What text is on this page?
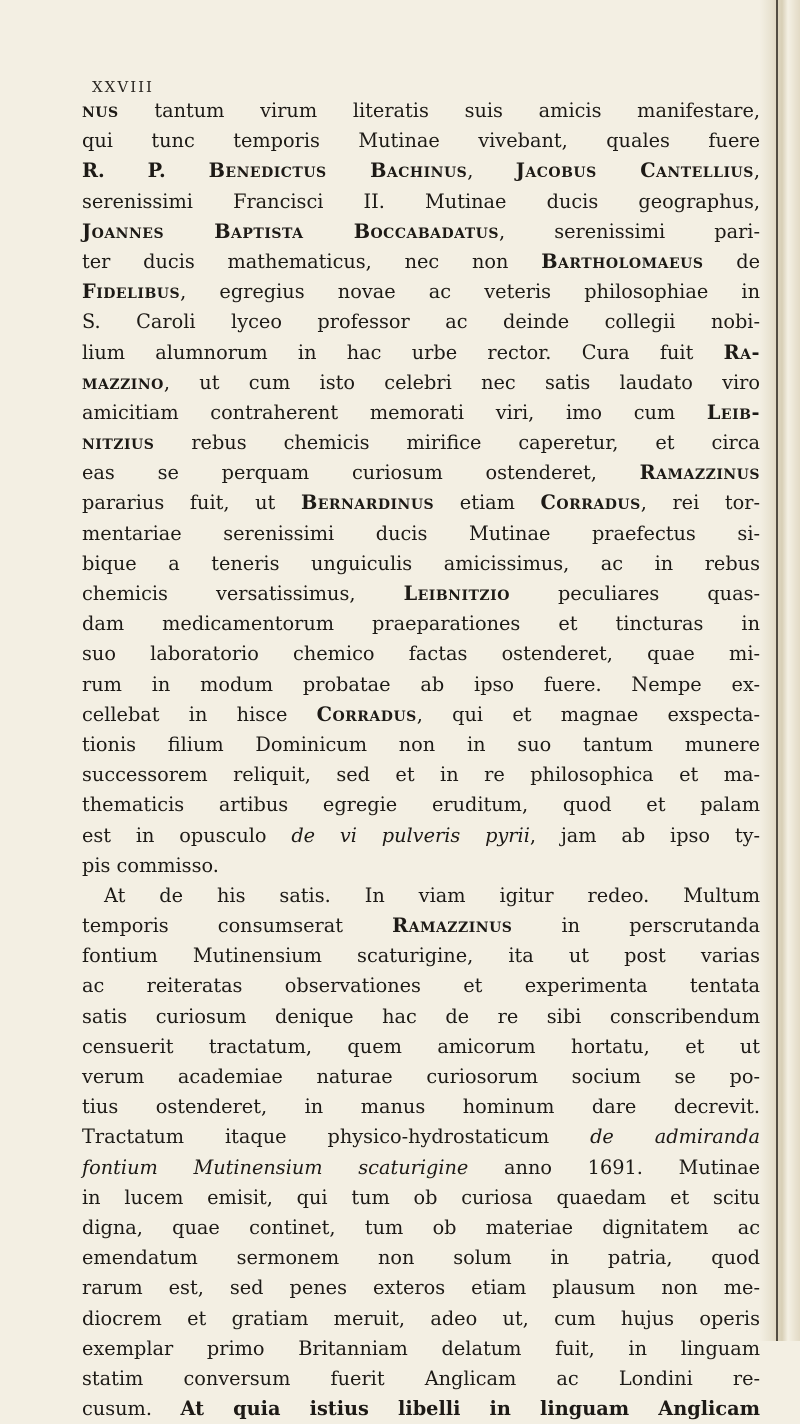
XXVIII
nus tantum virum literatis suis amicis manifestare,
qui tunc temporis Mutinae vivebant, quales fuere
R. P. Benedictus Bachinus, Jacobus Cantellius,
serenissimi Francisci II. Mutinae ducis geographus,
Joannes Baptista Boccabadatus, serenissimi pari-
ter ducis mathematicus, nec non Bartholomaeus de
Fidelibus, egregius novae ac veteris philosophiae in
S. Caroli lyceo professor ac deinde collegii nobi-
lium alumnorum in hac urbe rector. Cura fuit Ra-
mazzino, ut cum isto celebri nec satis laudato viro
amicitiam contraherent memorati viri, imo cum Leib-
nitzius rebus chemicis mirifice caperetur, et circa
eas se perquam curiosum ostenderet, Ramazzinus
pararius fuit, ut Bernardinus etiam Corradus, rei tor-
mentariae serenissimi ducis Mutinae praefectus si-
bique a teneris unguiculis amicissimus, ac in rebus
chemicis versatissimus, Leibnitzio peculiares quas-
dam medicamentorum praeparationes et tincturas in
suo laboratorio chemico factas ostenderet, quae mi-
rum in modum probatae ab ipso fuere. Nempe ex-
cellebat in hisce Corradus, qui et magnae exspecta-
tionis filium Dominicum non in suo tantum munere
successorem reliquit, sed et in re philosophica et ma-
thematicis artibus egregie eruditum, quod et palam
est in opusculo de vi pulveris pyrii, jam ab ipso ty-
pis commisso.
At de his satis. In viam igitur redeo. Multum
temporis consumserat Ramazzinus in perscrutanda
fontium Mutinensium scaturigine, ita ut post varias
ac reiteratas observationes et experimenta tentata
satis curiosum denique hac de re sibi conscribendum
censuerit tractatum, quem amicorum hortatu, et ut
verum academiae naturae curiosorum socium se po-
tius ostenderet, in manus hominum dare decrevit.
Tractatum itaque physico-hydrostaticum de admiranda
fontium Mutinensium scaturigine anno 1691. Mutinae
in lucem emisit, qui tum ob curiosa quaedam et scitu
digna, quae continet, tum ob materiae dignitatem ac
emendatum sermonem non solum in patria, quod
rarum est, sed penes exteros etiam plausum non me-
diocrem et gratiam meruit, adeo ut, cum hujus operis
exemplar primo Britanniam delatum fuit, in linguam
statim conversum fuerit Anglicam ac Londini re-
cusum. At quia istius libelli in linguam Anglicam
